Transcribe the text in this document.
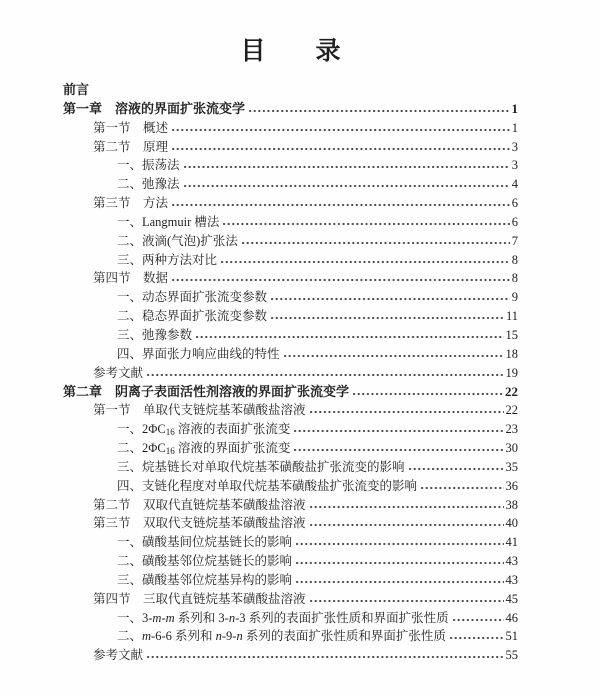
目　　录
前言
第一章　溶液的界面扩张流变学	1
第一节　概述	1
第二节　原理	3
一、振荡法	3
二、弛豫法	4
第三节　方法	6
一、Langmuir 槽法	6
二、液滴(气泡)扩张法	7
三、两种方法对比	8
第四节　数据	8
一、动态界面扩张流变参数	9
二、稳态界面扩张流变参数	11
三、弛豫参数	15
四、界面张力响应曲线的特性	18
参考文献	19
第二章　阴离子表面活性剂溶液的界面扩张流变学	22
第一节　单取代支链烷基苯磺酸盐溶液	22
一、$2\Phi C_{16}$ 溶液的表面扩张流变	23
二、$2\Phi C_{16}$ 溶液的界面扩张流变	30
三、烷基链长对单取代烷基苯磺酸盐扩张流变的影响	35
四、支链化程度对单取代烷基苯磺酸盐扩张流变的影响	36
第二节　双取代直链烷基苯磺酸盐溶液	38
第三节　双取代支链烷基苯磺酸盐溶液	40
一、磺酸基间位烷基链长的影响	41
二、磺酸基邻位烷基链长的影响	43
三、磺酸基邻位烷基异构的影响	43
第四节　三取代直链烷基苯磺酸盐溶液	45
一、3-m-m 系列和 3-n-3 系列的表面扩张性质和界面扩张性质	46
二、m-6-6 系列和 n-9-n 系列的表面扩张性质和界面扩张性质	51
参考文献	55
